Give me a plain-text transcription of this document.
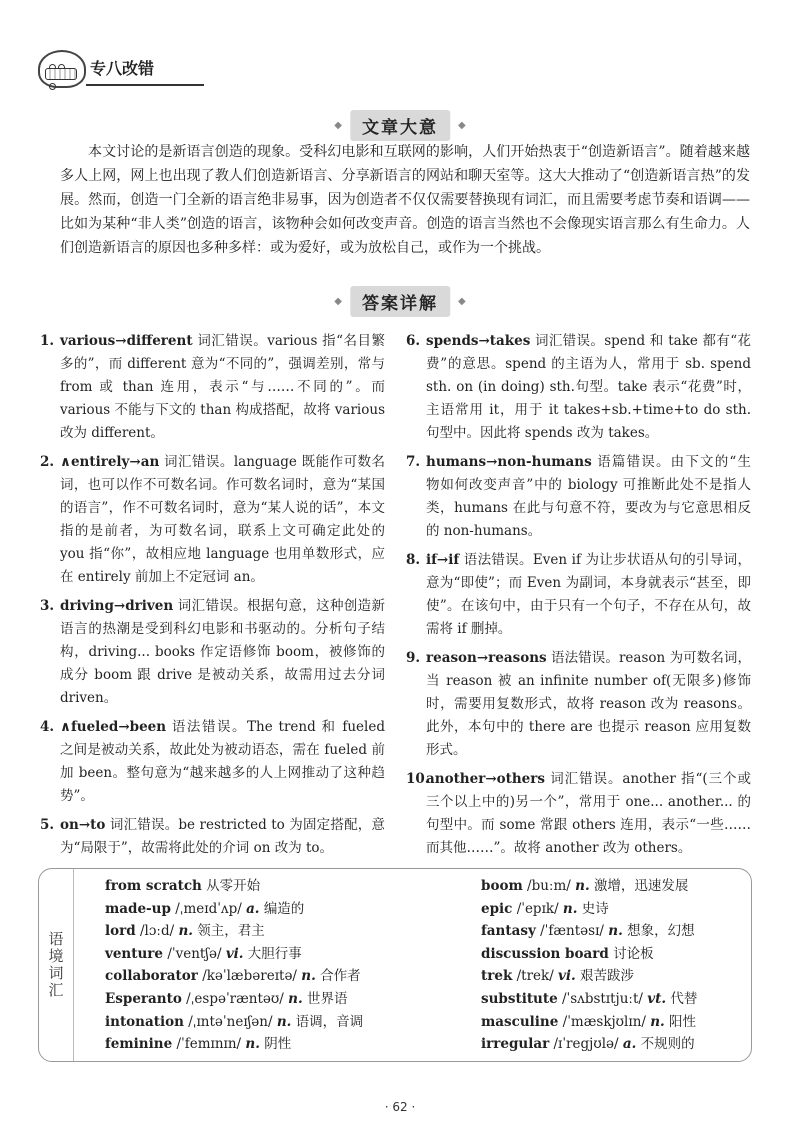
专八改错
◆	文章大意	◆
本文讨论的是新语言创造的现象。受科幻电影和互联网的影响，人们开始热衷于“创造新语言”。随着越来越多人上网，网上也出现了教人们创造新语言、分享新语言的网站和聊天室等。这大大推动了“创造新语言热”的发展。然而，创造一门全新的语言绝非易事，因为创造者不仅仅需要替换现有词汇，而且需要考虑节奏和语调——比如为某种“非人类”创造的语言，该物种会如何改变声音。创造的语言当然也不会像现实语言那么有生命力。人们创造新语言的原因也多种多样：或为爱好，或为放松自己，或作为一个挑战。
◆	答案详解	◆
1. various→different 词汇错误。various 指“名目繁多的”，而 different 意为“不同的”，强调差别，常与 from 或 than 连用，表示“与……不同的”。而 various 不能与下文的 than 构成搭配，故将 various 改为 different。
2. ∧entirely→an 词汇错误。language 既能作可数名词，也可以作不可数名词。作可数名词时，意为“某国的语言”，作不可数名词时，意为“某人说的话”，本文指的是前者，为可数名词，联系上文可确定此处的 you 指“你”，故相应地 language 也用单数形式，应在 entirely 前加上不定冠词 an。
3. driving→driven 词汇错误。根据句意，这种创造新语言的热潮是受到科幻电影和书驱动的。分析句子结构，driving... books 作定语修饰 boom，被修饰的成分 boom 跟 drive 是被动关系，故需用过去分词 driven。
4. ∧fueled→been 语法错误。The trend 和 fueled 之间是被动关系，故此处为被动语态，需在 fueled 前加 been。整句意为“越来越多的人上网推动了这种趋势”。
5. on→to 词汇错误。be restricted to 为固定搭配，意为“局限于”，故需将此处的介词 on 改为 to。
6. spends→takes 词汇错误。spend 和 take 都有“花费”的意思。spend 的主语为人，常用于 sb. spend sth. on (in doing) sth.句型。take 表示“花费”时，主语常用 it，用于 it takes+sb.+time+to do sth.句型中。因此将 spends 改为 takes。
7. humans→non-humans 语篇错误。由下文的“生物如何改变声音”中的 biology 可推断此处不是指人类，humans 在此与句意不符，要改为与它意思相反的 non-humans。
8. if→if 语法错误。Even if 为让步状语从句的引导词，意为“即使”；而 Even 为副词，本身就表示“甚至，即使”。在该句中，由于只有一个句子，不存在从句，故需将 if 删掉。
9. reason→reasons 语法错误。reason 为可数名词，当 reason 被 an infinite number of(无限多)修饰时，需要用复数形式，故将 reason 改为 reasons。此外，本句中的 there are 也提示 reason 应用复数形式。
10.
another→others 词汇错误。another 指“(三个或三个以上中的)另一个”，常用于 one... another... 的句型中。而 some 常跟 others 连用，表示“一些……而其他……”。故将 another 改为 others。
语境词汇
from scratch 从零开始
made-up /ˌmeɪdˈʌp/ a. 编造的
lord /lɔːd/ n. 领主，君主
venture /ˈventʃə/ vi. 大胆行事
collaborator /kəˈlæbəreɪtə/ n. 合作者
Esperanto /ˌespəˈræntəʊ/ n. 世界语
intonation /ˌɪntəˈneɪʃən/ n. 语调，音调
feminine /ˈfemɪnɪn/ n. 阴性
boom /buːm/ n. 激增，迅速发展
epic /ˈepɪk/ n. 史诗
fantasy /ˈfæntəsɪ/ n. 想象，幻想
discussion board 讨论板
trek /trek/ vi. 艰苦跋涉
substitute /ˈsʌbstɪtjuːt/ vt. 代替
masculine /ˈmæskjʊlɪn/ n. 阳性
irregular /ɪˈregjʊlə/ a. 不规则的
· 62 ·
